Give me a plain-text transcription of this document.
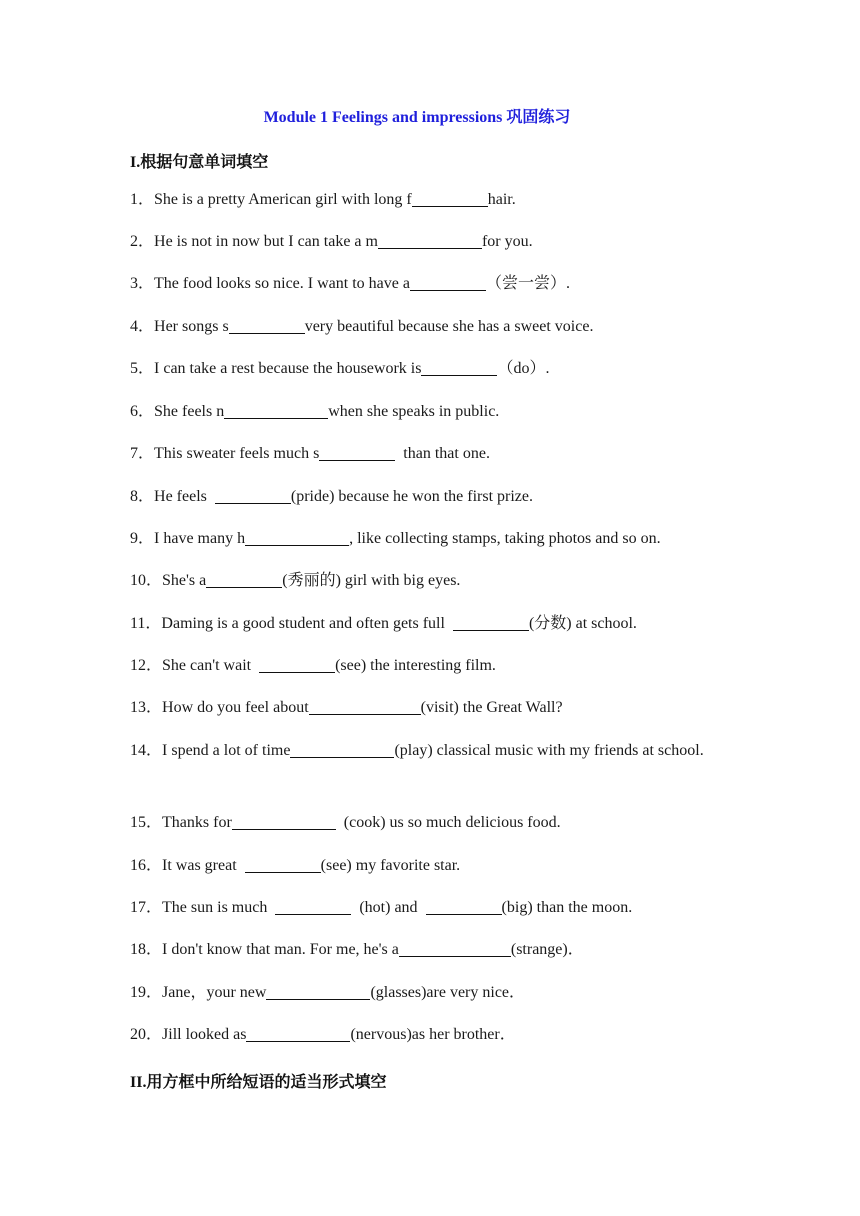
Module 1 Feelings and impressions 巩固练习
I.根据句意单词填空
1．She is a pretty American girl with long f	hair.
2．He is not in now but I can take a m	for you.
3．The food looks so nice. I want to have a	（尝一尝）.
4．Her songs s	very beautiful because she has a sweet voice.
5．I can take a rest because the housework is	（do）.
6．She feels n	when she speaks in public.
7．This sweater feels much s	than that one.
8．He feels	(pride) because he won the first prize.
9．I have many h	, like collecting stamps, taking photos and so on.
10．She's a	(秀丽的) girl with big eyes.
11．Daming is a good student and often gets full	(分数) at school.
12．She can't wait	(see) the interesting film.
13．How do you feel about	(visit) the Great Wall?
14．I spend a lot of time	(play) classical music with my friends at school.
15．Thanks for	(cook) us so much delicious food.
16．It was great	(see) my favorite star.
17．The sun is much	(hot) and	(big) than the moon.
18．I don't know that man. For me, he's a	(strange)．
19．Jane，your new	(glasses)are very nice．
20．Jill looked as	(nervous)as her brother．
II.用方框中所给短语的适当形式填空
